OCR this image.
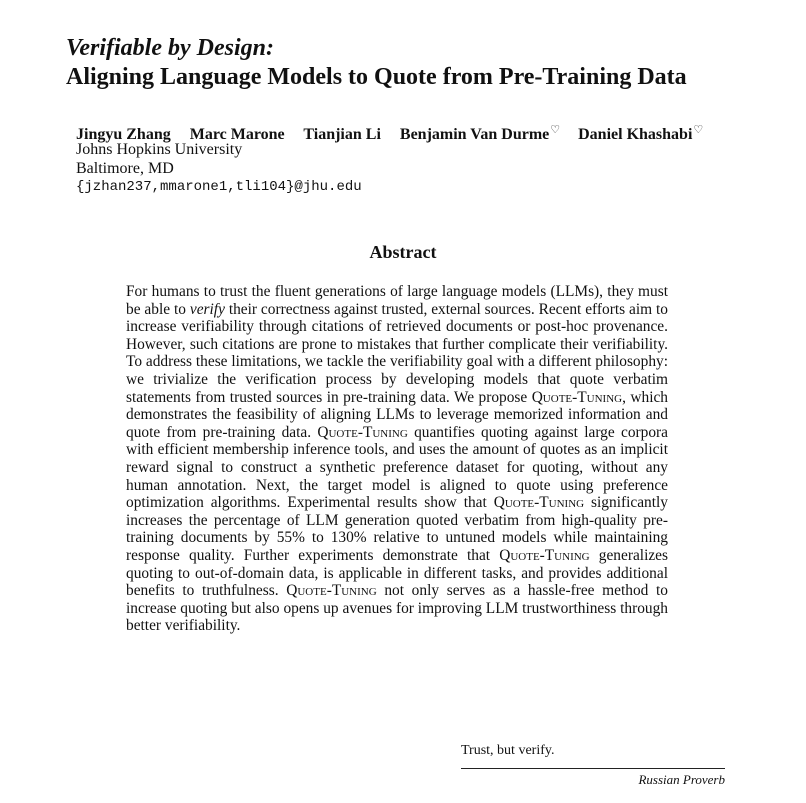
Verifiable by Design:
Aligning Language Models to Quote from Pre-Training Data
Jingyu Zhang Marc Marone Tianjian Li Benjamin Van Durme♡ Daniel Khashabi♡
Johns Hopkins University
Baltimore, MD
{jzhan237,mmarone1,tli104}@jhu.edu
Abstract
For humans to trust the fluent generations of large language models (LLMs), they must be able to verify their correctness against trusted, external sources. Recent efforts aim to increase verifiability through citations of retrieved documents or post-hoc provenance. However, such citations are prone to mistakes that further complicate their verifiability. To address these limitations, we tackle the verifiability goal with a different philosophy: we trivialize the verification process by developing models that quote verbatim statements from trusted sources in pre-training data. We propose Quote-Tuning, which demonstrates the feasibility of aligning LLMs to leverage memorized information and quote from pre-training data. Quote-Tuning quantifies quoting against large corpora with efficient membership inference tools, and uses the amount of quotes as an implicit reward signal to construct a synthetic preference dataset for quoting, without any human annotation. Next, the target model is aligned to quote using preference optimization algorithms. Experimental results show that Quote-Tuning significantly increases the percentage of LLM generation quoted verbatim from high-quality pre-training documents by 55% to 130% relative to untuned models while maintaining response quality. Further experiments demonstrate that Quote-Tuning generalizes quoting to out-of-domain data, is applicable in different tasks, and provides additional benefits to truthfulness. Quote-Tuning not only serves as a hassle-free method to increase quoting but also opens up avenues for improving LLM trustworthiness through better verifiability.
Trust, but verify.
Russian Proverb
